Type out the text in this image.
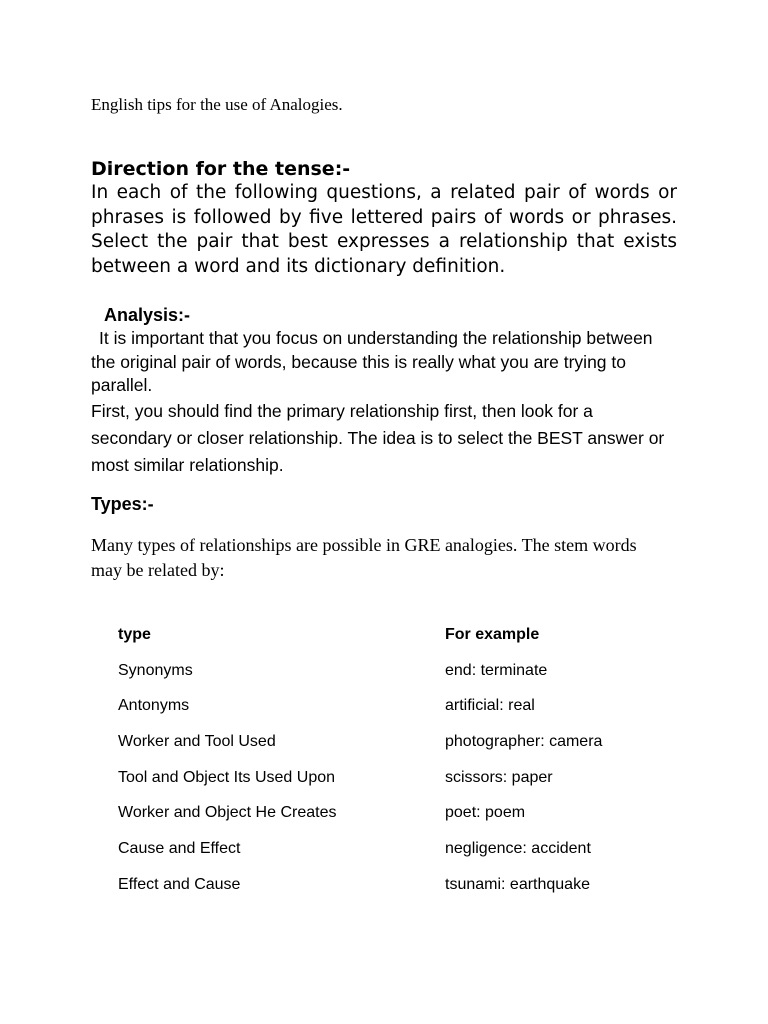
English tips for the use of Analogies.

Direction for the tense:-

In each of the following questions, a related pair of words or phrases is followed by five lettered pairs of words or phrases. Select the pair that best expresses a relationship that exists between a word and its dictionary definition.

Analysis:-

It is important that you focus on understanding the relationship between the original pair of words, because this is really what you are trying to parallel.

First, you should find the primary relationship first, then look for a secondary or closer relationship. The idea is to select the BEST answer or most similar relationship.

Types:-

Many types of relationships are possible in GRE analogies. The stem words may be related by:

type	For example
Synonyms	end: terminate
Antonyms	artificial: real
Worker and Tool Used	photographer: camera
Tool and Object Its Used Upon	scissors: paper
Worker and Object He Creates	poet: poem
Cause and Effect	negligence: accident
Effect and Cause	tsunami: earthquake
